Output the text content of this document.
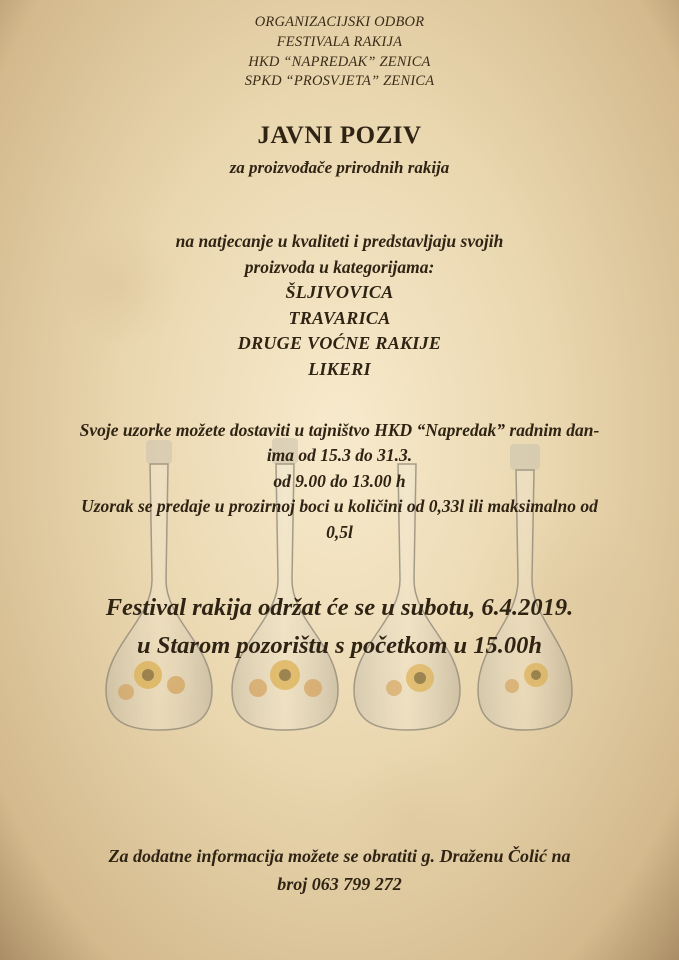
ORGANIZACIJSKI ODBOR
FESTIVALA RAKIJA
HKD “NAPREDAK” ZENICA
SPKD “PROSVJETA” ZENICA
JAVNI POZIV
za proizvođače prirodnih rakija
na natjecanje u kvaliteti i predstavljaju svojih
proizvoda u kategorijama:
ŠLJIVOVICA
TRAVARICA
DRUGE VOĆNE RAKIJE
LIKERI
Svoje uzorke možete dostaviti u tajništvo HKD “Napredak” radnim dan-
ima od 15.3 do 31.3.
od 9.00 do 13.00 h
Uzorak se predaje u prozirnoj boci u količini od 0,33l ili maksimalno od
0,5l
Festival rakija održat će se u subotu, 6.4.2019.
u Starom pozorištu s početkom u 15.00h
Za dodatne informacija možete se obratiti g. Draženu Čolić na
broj 063 799 272
